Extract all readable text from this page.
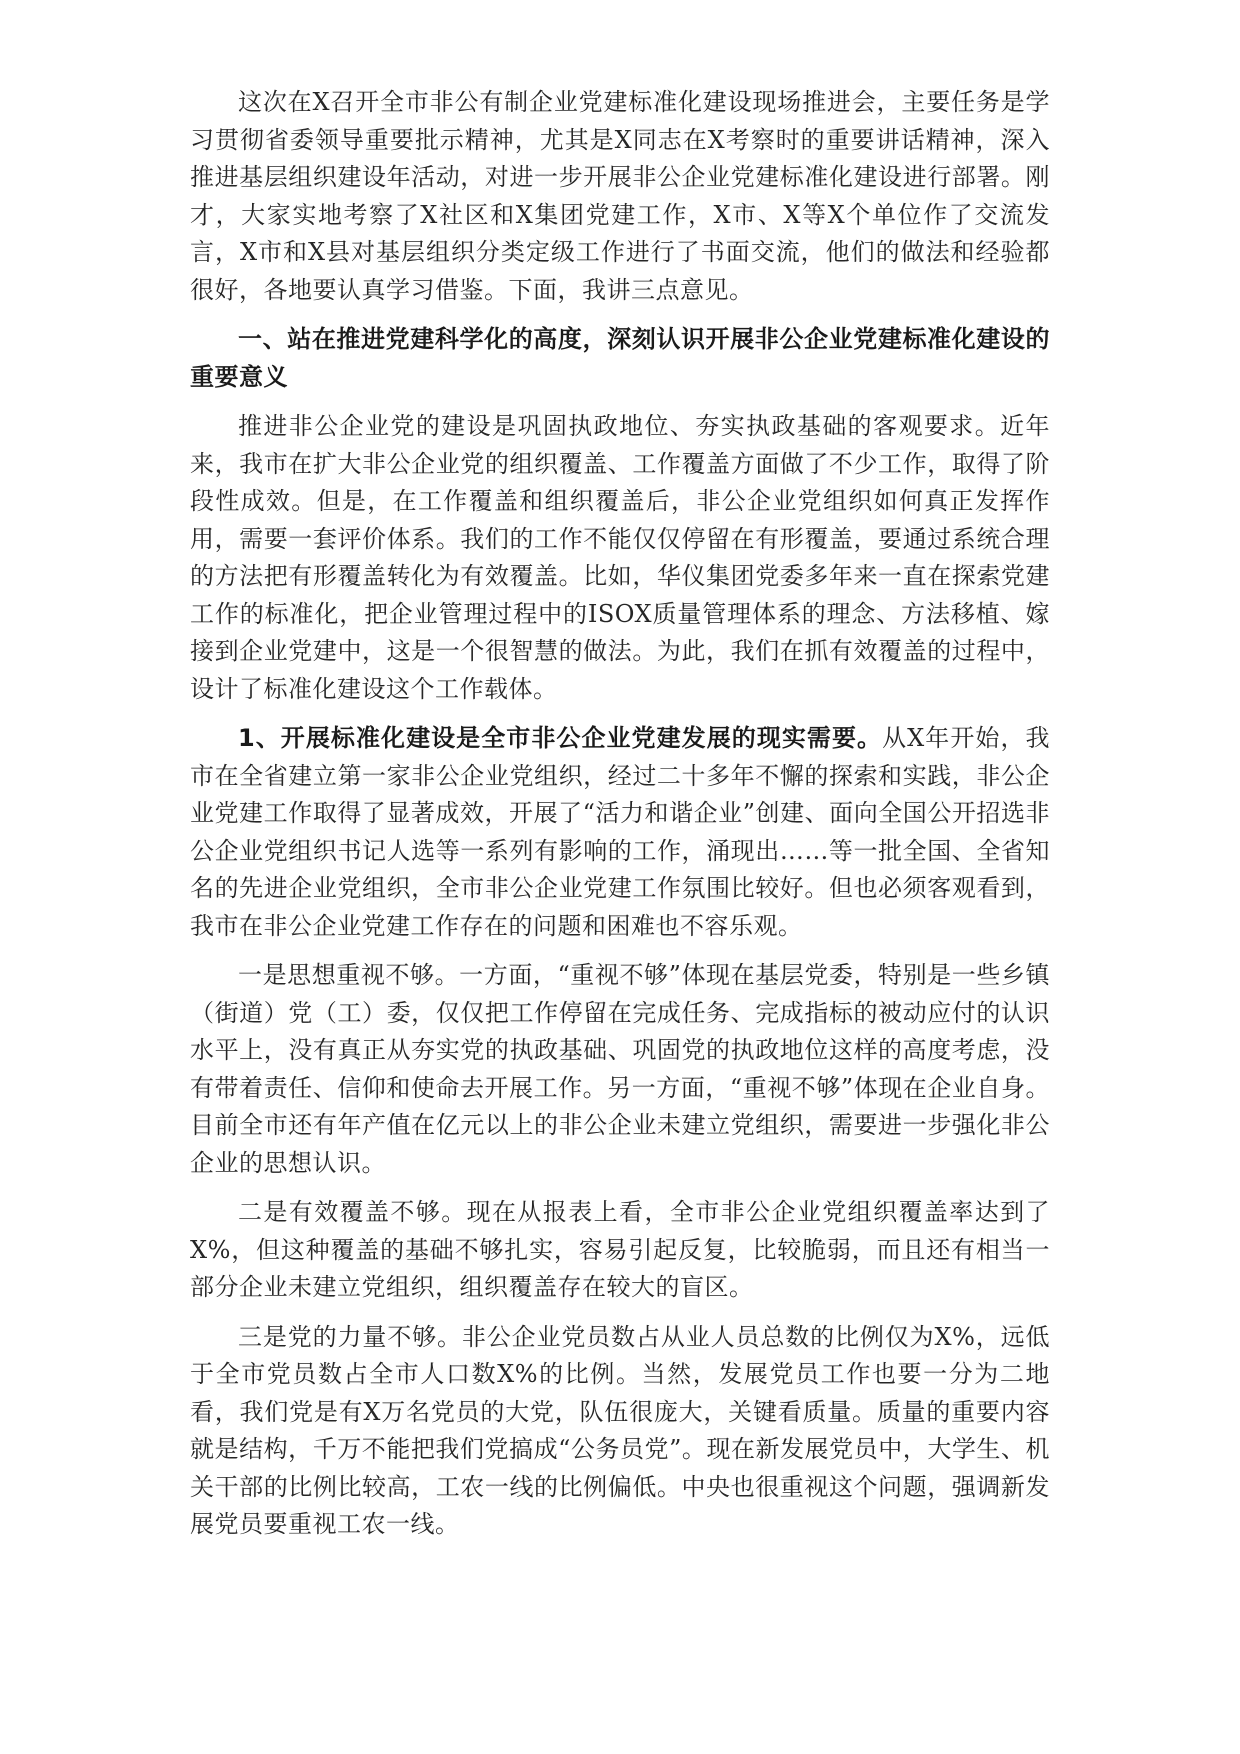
这次在X召开全市非公有制企业党建标准化建设现场推进会，主要任务是学习贯彻省委领导重要批示精神，尤其是X同志在X考察时的重要讲话精神，深入推进基层组织建设年活动，对进一步开展非公企业党建标准化建设进行部署。刚才，大家实地考察了X社区和X集团党建工作，X市、X等X个单位作了交流发言，X市和X县对基层组织分类定级工作进行了书面交流，他们的做法和经验都很好，各地要认真学习借鉴。下面，我讲三点意见。

一、站在推进党建科学化的高度，深刻认识开展非公企业党建标准化建设的重要意义

推进非公企业党的建设是巩固执政地位、夯实执政基础的客观要求。近年来，我市在扩大非公企业党的组织覆盖、工作覆盖方面做了不少工作，取得了阶段性成效。但是，在工作覆盖和组织覆盖后，非公企业党组织如何真正发挥作用，需要一套评价体系。我们的工作不能仅仅停留在有形覆盖，要通过系统合理的方法把有形覆盖转化为有效覆盖。比如，华仪集团党委多年来一直在探索党建工作的标准化，把企业管理过程中的ISOX质量管理体系的理念、方法移植、嫁接到企业党建中，这是一个很智慧的做法。为此，我们在抓有效覆盖的过程中，设计了标准化建设这个工作载体。

1、开展标准化建设是全市非公企业党建发展的现实需要。从X年开始，我市在全省建立第一家非公企业党组织，经过二十多年不懈的探索和实践，非公企业党建工作取得了显著成效，开展了“活力和谐企业”创建、面向全国公开招选非公企业党组织书记人选等一系列有影响的工作，涌现出……等一批全国、全省知名的先进企业党组织，全市非公企业党建工作氛围比较好。但也必须客观看到，我市在非公企业党建工作存在的问题和困难也不容乐观。

一是思想重视不够。一方面，“重视不够”体现在基层党委，特别是一些乡镇（街道）党（工）委，仅仅把工作停留在完成任务、完成指标的被动应付的认识水平上，没有真正从夯实党的执政基础、巩固党的执政地位这样的高度考虑，没有带着责任、信仰和使命去开展工作。另一方面，“重视不够”体现在企业自身。目前全市还有年产值在亿元以上的非公企业未建立党组织，需要进一步强化非公企业的思想认识。

二是有效覆盖不够。现在从报表上看，全市非公企业党组织覆盖率达到了X%，但这种覆盖的基础不够扎实，容易引起反复，比较脆弱，而且还有相当一部分企业未建立党组织，组织覆盖存在较大的盲区。

三是党的力量不够。非公企业党员数占从业人员总数的比例仅为X%，远低于全市党员数占全市人口数X%的比例。当然，发展党员工作也要一分为二地看，我们党是有X万名党员的大党，队伍很庞大，关键看质量。质量的重要内容就是结构，千万不能把我们党搞成“公务员党”。现在新发展党员中，大学生、机关干部的比例比较高，工农一线的比例偏低。中央也很重视这个问题，强调新发展党员要重视工农一线。
